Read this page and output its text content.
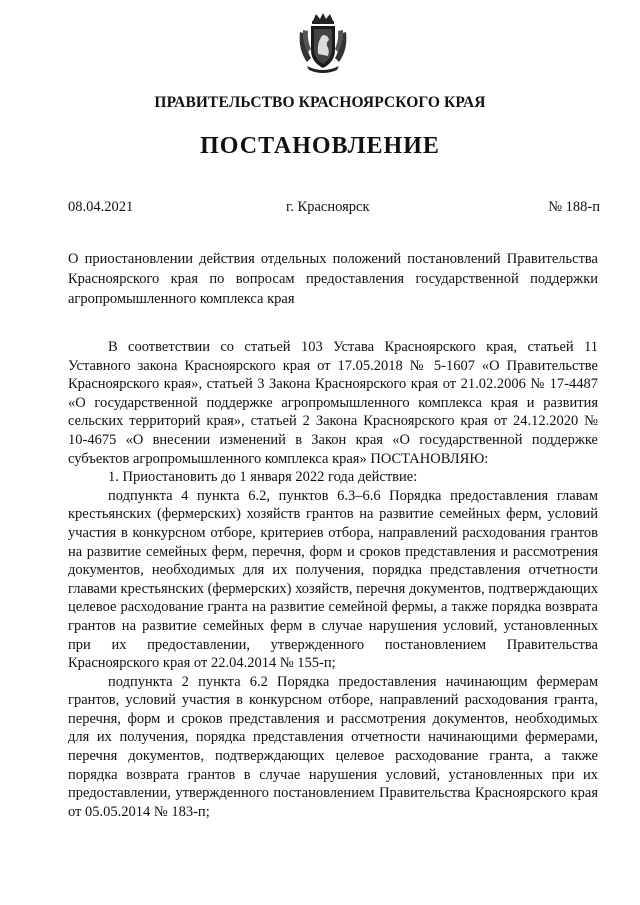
ПРАВИТЕЛЬСТВО КРАСНОЯРСКОГО КРАЯ
ПОСТАНОВЛЕНИЕ
08.04.2021	г. Красноярск	№ 188-п
О приостановлении действия отдельных положений постановлений Правительства Красноярского края по вопросам предоставления государственной поддержки агропромышленного комплекса края

В соответствии со статьей 103 Устава Красноярского края, статьей 11 Уставного закона Красноярского края от 17.05.2018 № 5-1607 «О Правительстве Красноярского края», статьей 3 Закона Красноярского края от 21.02.2006 № 17-4487 «О государственной поддержке агропромышленного комплекса края и развития сельских территорий края», статьей 2 Закона Красноярского края от 24.12.2020 № 10-4675 «О внесении изменений в Закон края «О государственной поддержке субъектов агропромышленного комплекса края» ПОСТАНОВЛЯЮ:

1. Приостановить до 1 января 2022 года действие:

подпункта 4 пункта 6.2, пунктов 6.3–6.6 Порядка предоставления главам крестьянских (фермерских) хозяйств грантов на развитие семейных ферм, условий участия в конкурсном отборе, критериев отбора, направлений расходования грантов на развитие семейных ферм, перечня, форм и сроков представления и рассмотрения документов, необходимых для их получения, порядка представления отчетности главами крестьянских (фермерских) хозяйств, перечня документов, подтверждающих целевое расходование гранта на развитие семейной фермы, а также порядка возврата грантов на развитие семейных ферм в случае нарушения условий, установленных при их предоставлении, утвержденного постановлением Правительства Красноярского края от 22.04.2014 № 155-п;

подпункта 2 пункта 6.2 Порядка предоставления начинающим фермерам грантов, условий участия в конкурсном отборе, направлений расходования гранта, перечня, форм и сроков представления и рассмотрения документов, необходимых для их получения, порядка представления отчетности начинающими фермерами, перечня документов, подтверждающих целевое расходование гранта, а также порядка возврата грантов в случае нарушения условий, установленных при их предоставлении, утвержденного постановлением Правительства Красноярского края от 05.05.2014 № 183-п;
